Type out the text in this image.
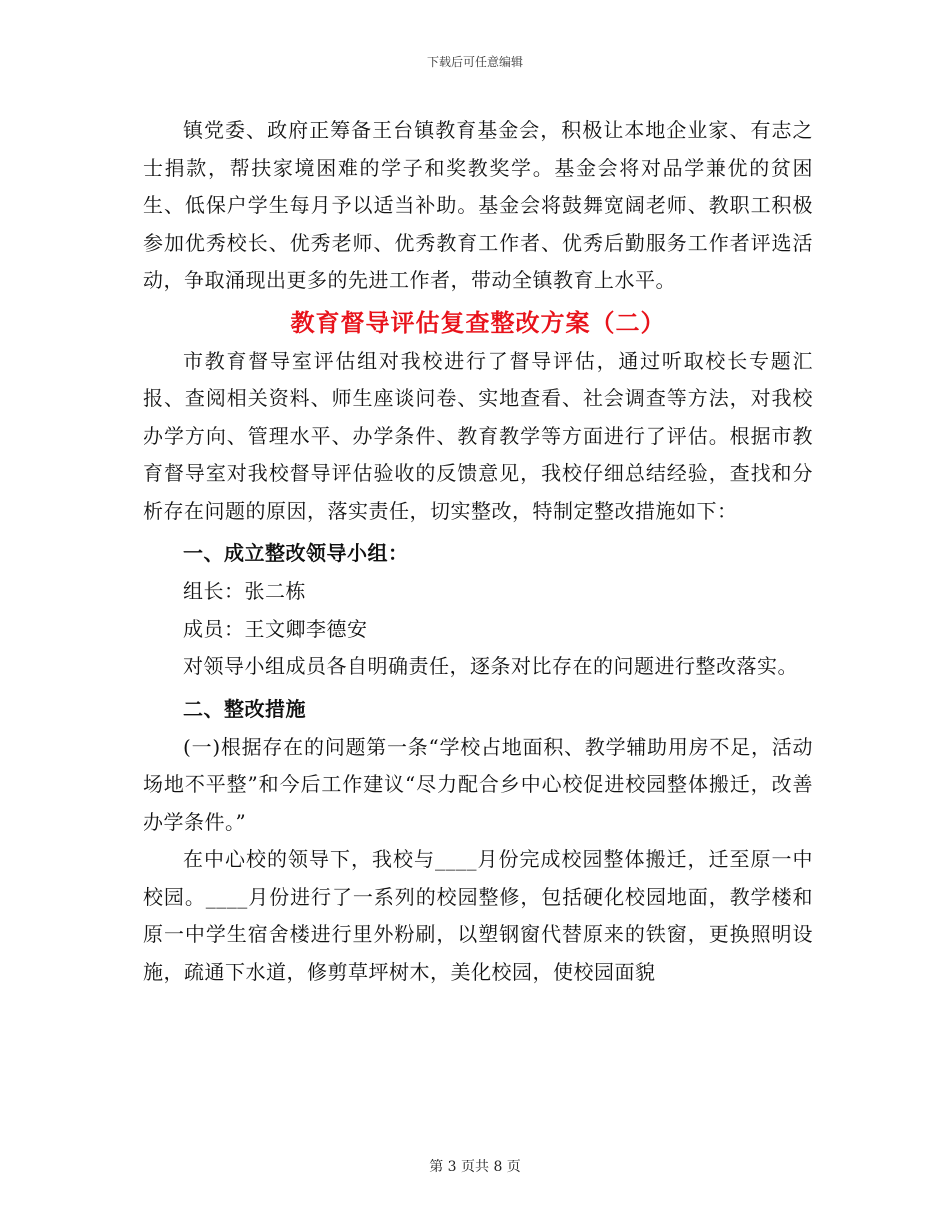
下载后可任意编辑

镇党委、政府正筹备王台镇教育基金会，积极让本地企业家、有志之士捐款，帮扶家境困难的学子和奖教奖学。基金会将对品学兼优的贫困生、低保户学生每月予以适当补助。基金会将鼓舞宽阔老师、教职工积极参加优秀校长、优秀老师、优秀教育工作者、优秀后勤服务工作者评选活动，争取涌现出更多的先进工作者，带动全镇教育上水平。

教育督导评估复查整改方案（二）

市教育督导室评估组对我校进行了督导评估，通过听取校长专题汇报、查阅相关资料、师生座谈问卷、实地查看、社会调查等方法，对我校办学方向、管理水平、办学条件、教育教学等方面进行了评估。根据市教育督导室对我校督导评估验收的反馈意见，我校仔细总结经验，查找和分析存在问题的原因，落实责任，切实整改，特制定整改措施如下：

一、成立整改领导小组：

组长：张二栋

成员：王文卿李德安

对领导小组成员各自明确责任，逐条对比存在的问题进行整改落实。

二、整改措施

(一)根据存在的问题第一条“学校占地面积、教学辅助用房不足，活动场地不平整”和今后工作建议“尽力配合乡中心校促进校园整体搬迁，改善办学条件。”

在中心校的领导下，我校与____月份完成校园整体搬迁，迁至原一中校园。____月份进行了一系列的校园整修，包括硬化校园地面，教学楼和原一中学生宿舍楼进行里外粉刷，以塑钢窗代替原来的铁窗，更换照明设施，疏通下水道，修剪草坪树木，美化校园，使校园面貌

第 3 页共 8 页
